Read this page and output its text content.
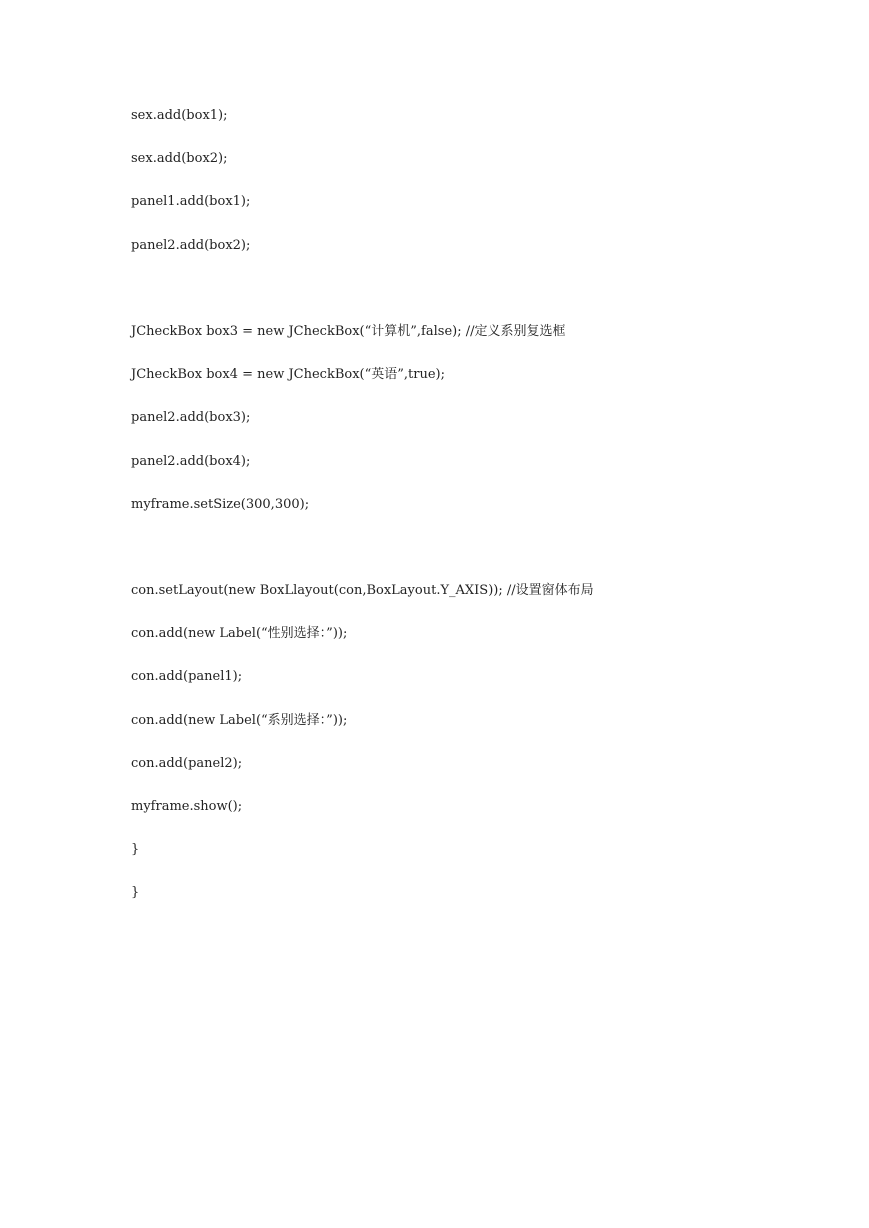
sex.add(box1);
sex.add(box2);
panel1.add(box1);
panel2.add(box2);
JCheckBox box3 = new JCheckBox(“计算机”,false); //定义系别复选框
JCheckBox box4 = new JCheckBox(“英语”,true);
panel2.add(box3);
panel2.add(box4);
myframe.setSize(300,300);
con.setLayout(new BoxLlayout(con,BoxLayout.Y_AXIS)); //设置窗体布局
con.add(new Label(“性别选择：”));
con.add(panel1);
con.add(new Label(“系别选择：”));
con.add(panel2);
myframe.show();
}
}
